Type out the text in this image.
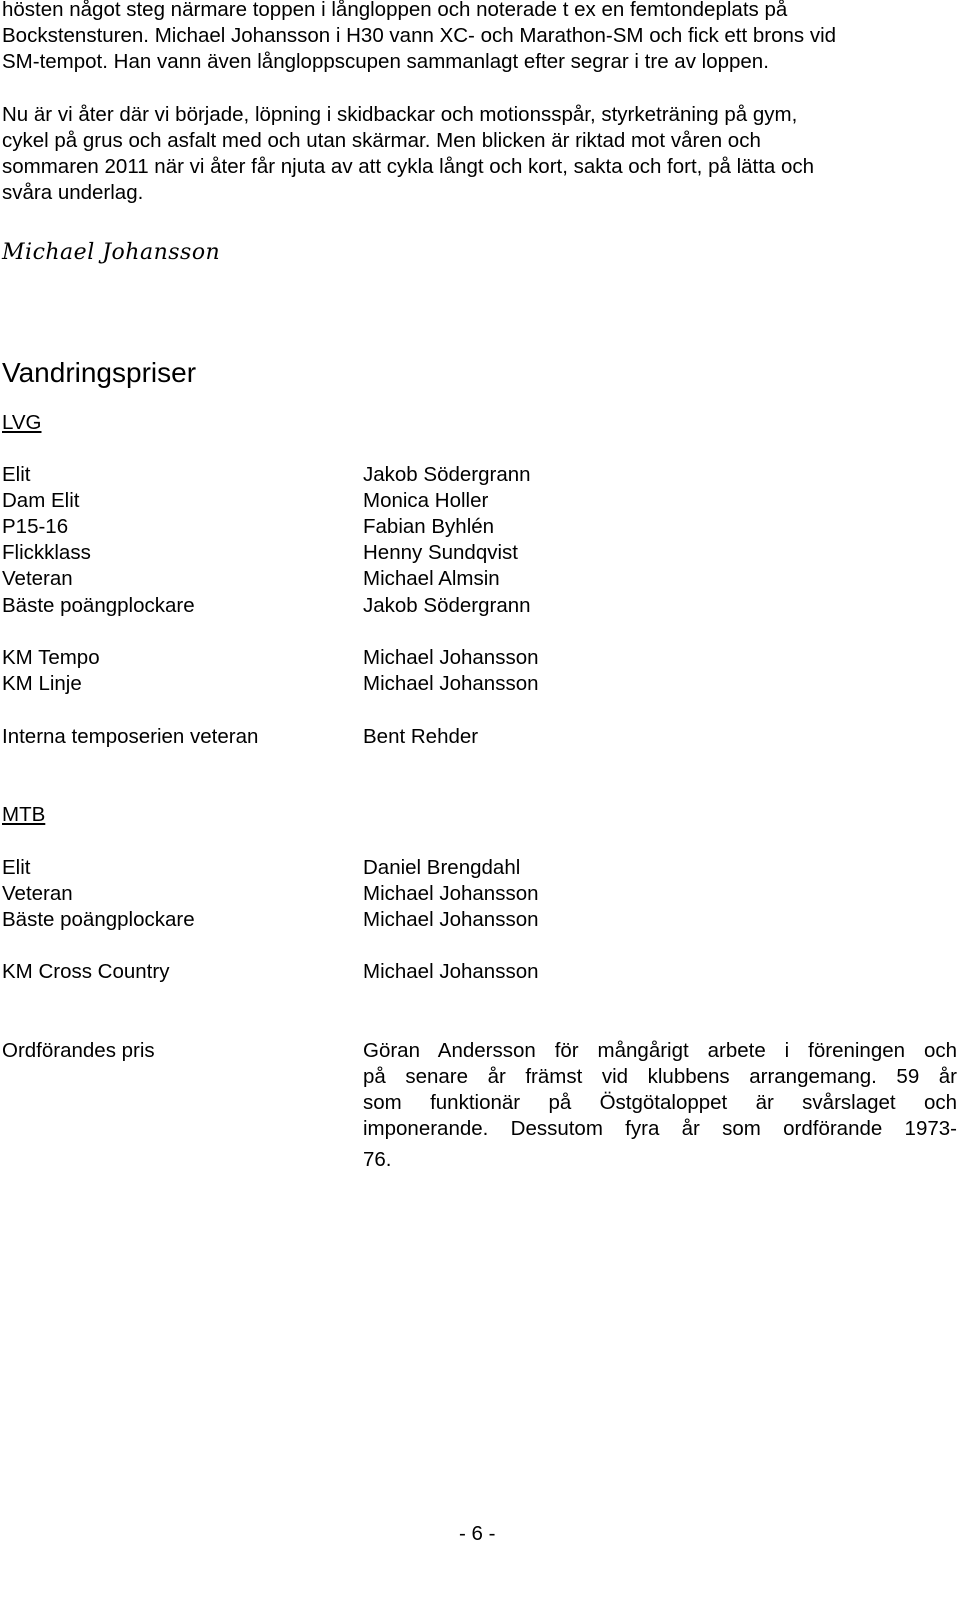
hösten något steg närmare toppen i långloppen och noterade t ex en femtondeplats på
Bockstensturen. Michael Johansson i H30 vann XC- och Marathon-SM och fick ett brons vid
SM-tempot. Han vann även långloppscupen sammanlagt efter segrar i tre av loppen.
Nu är vi åter där vi började, löpning i skidbackar och motionsspår, styrketräning på gym,
cykel på grus och asfalt med och utan skärmar. Men blicken är riktad mot våren och
sommaren 2011 när vi åter får njuta av att cykla långt och kort, sakta och fort, på lätta och
svåra underlag.
Michael Johansson
Vandringspriser
LVG
Elit	Jakob Södergrann
Dam Elit	Monica Holler
P15-16	Fabian Byhlén
Flickklass	Henny Sundqvist
Veteran	Michael Almsin
Bäste poängplockare	Jakob Södergrann
KM Tempo	Michael Johansson
KM Linje	Michael Johansson
Interna temposerien veteran	Bent Rehder
MTB
Elit	Daniel Brengdahl
Veteran	Michael Johansson
Bäste poängplockare	Michael Johansson
KM Cross Country	Michael Johansson
Ordförandes pris	Göran Andersson för mångårigt arbete i föreningen och
på senare år främst vid klubbens arrangemang. 59 år
som funktionär på Östgötaloppet är svårslaget och
imponerande. Dessutom fyra år som ordförande 1973-
76.
- 6 -
